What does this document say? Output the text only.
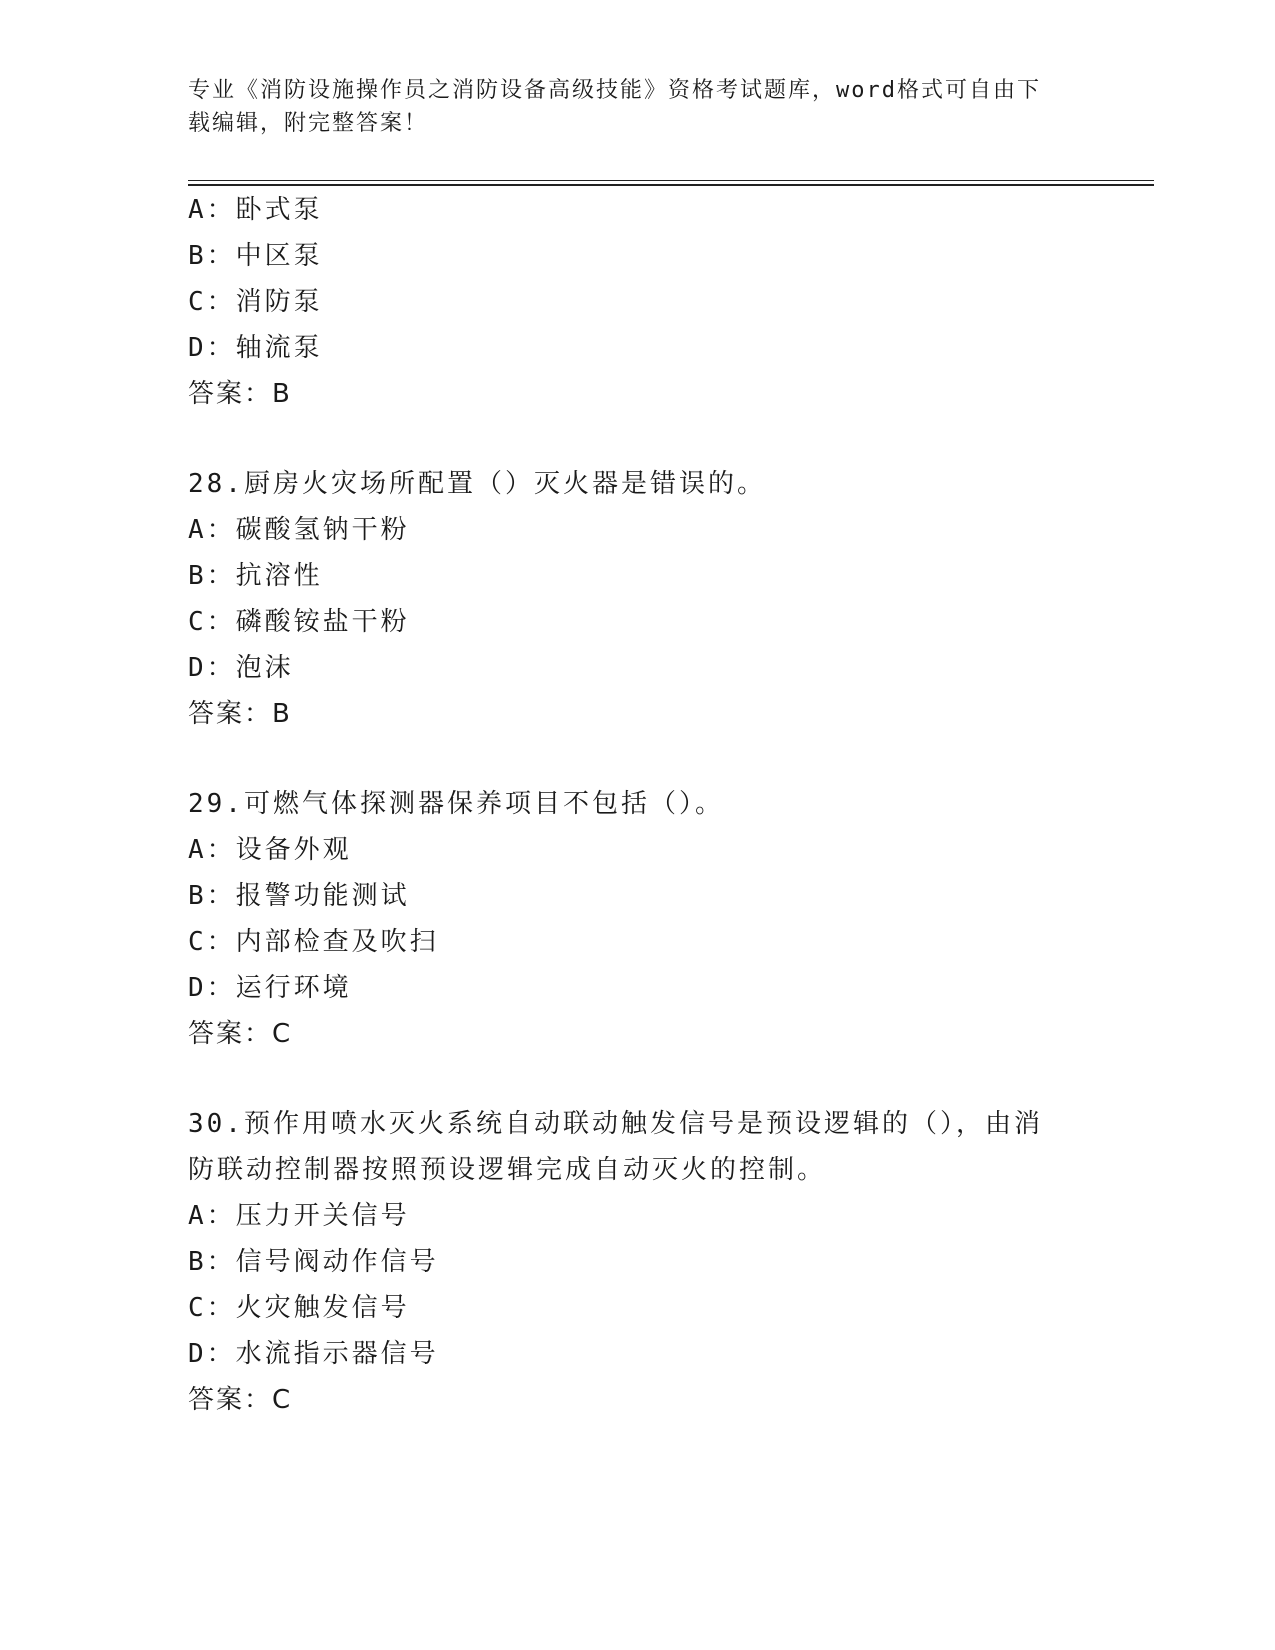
专业《消防设施操作员之消防设备高级技能》资格考试题库，word格式可自由下
载编辑，附完整答案！
A：卧式泵
B：中区泵
C：消防泵
D：轴流泵
答案：B
28.厨房火灾场所配置（）灭火器是错误的。
A：碳酸氢钠干粉
B：抗溶性
C：磷酸铵盐干粉
D：泡沫
答案：B
29.可燃气体探测器保养项目不包括（）。
A：设备外观
B：报警功能测试
C：内部检查及吹扫
D：运行环境
答案：C
30.预作用喷水灭火系统自动联动触发信号是预设逻辑的（），由消防联动控制器按照预设逻辑完成自动灭火的控制。
A：压力开关信号
B：信号阀动作信号
C：火灾触发信号
D：水流指示器信号
答案：C
